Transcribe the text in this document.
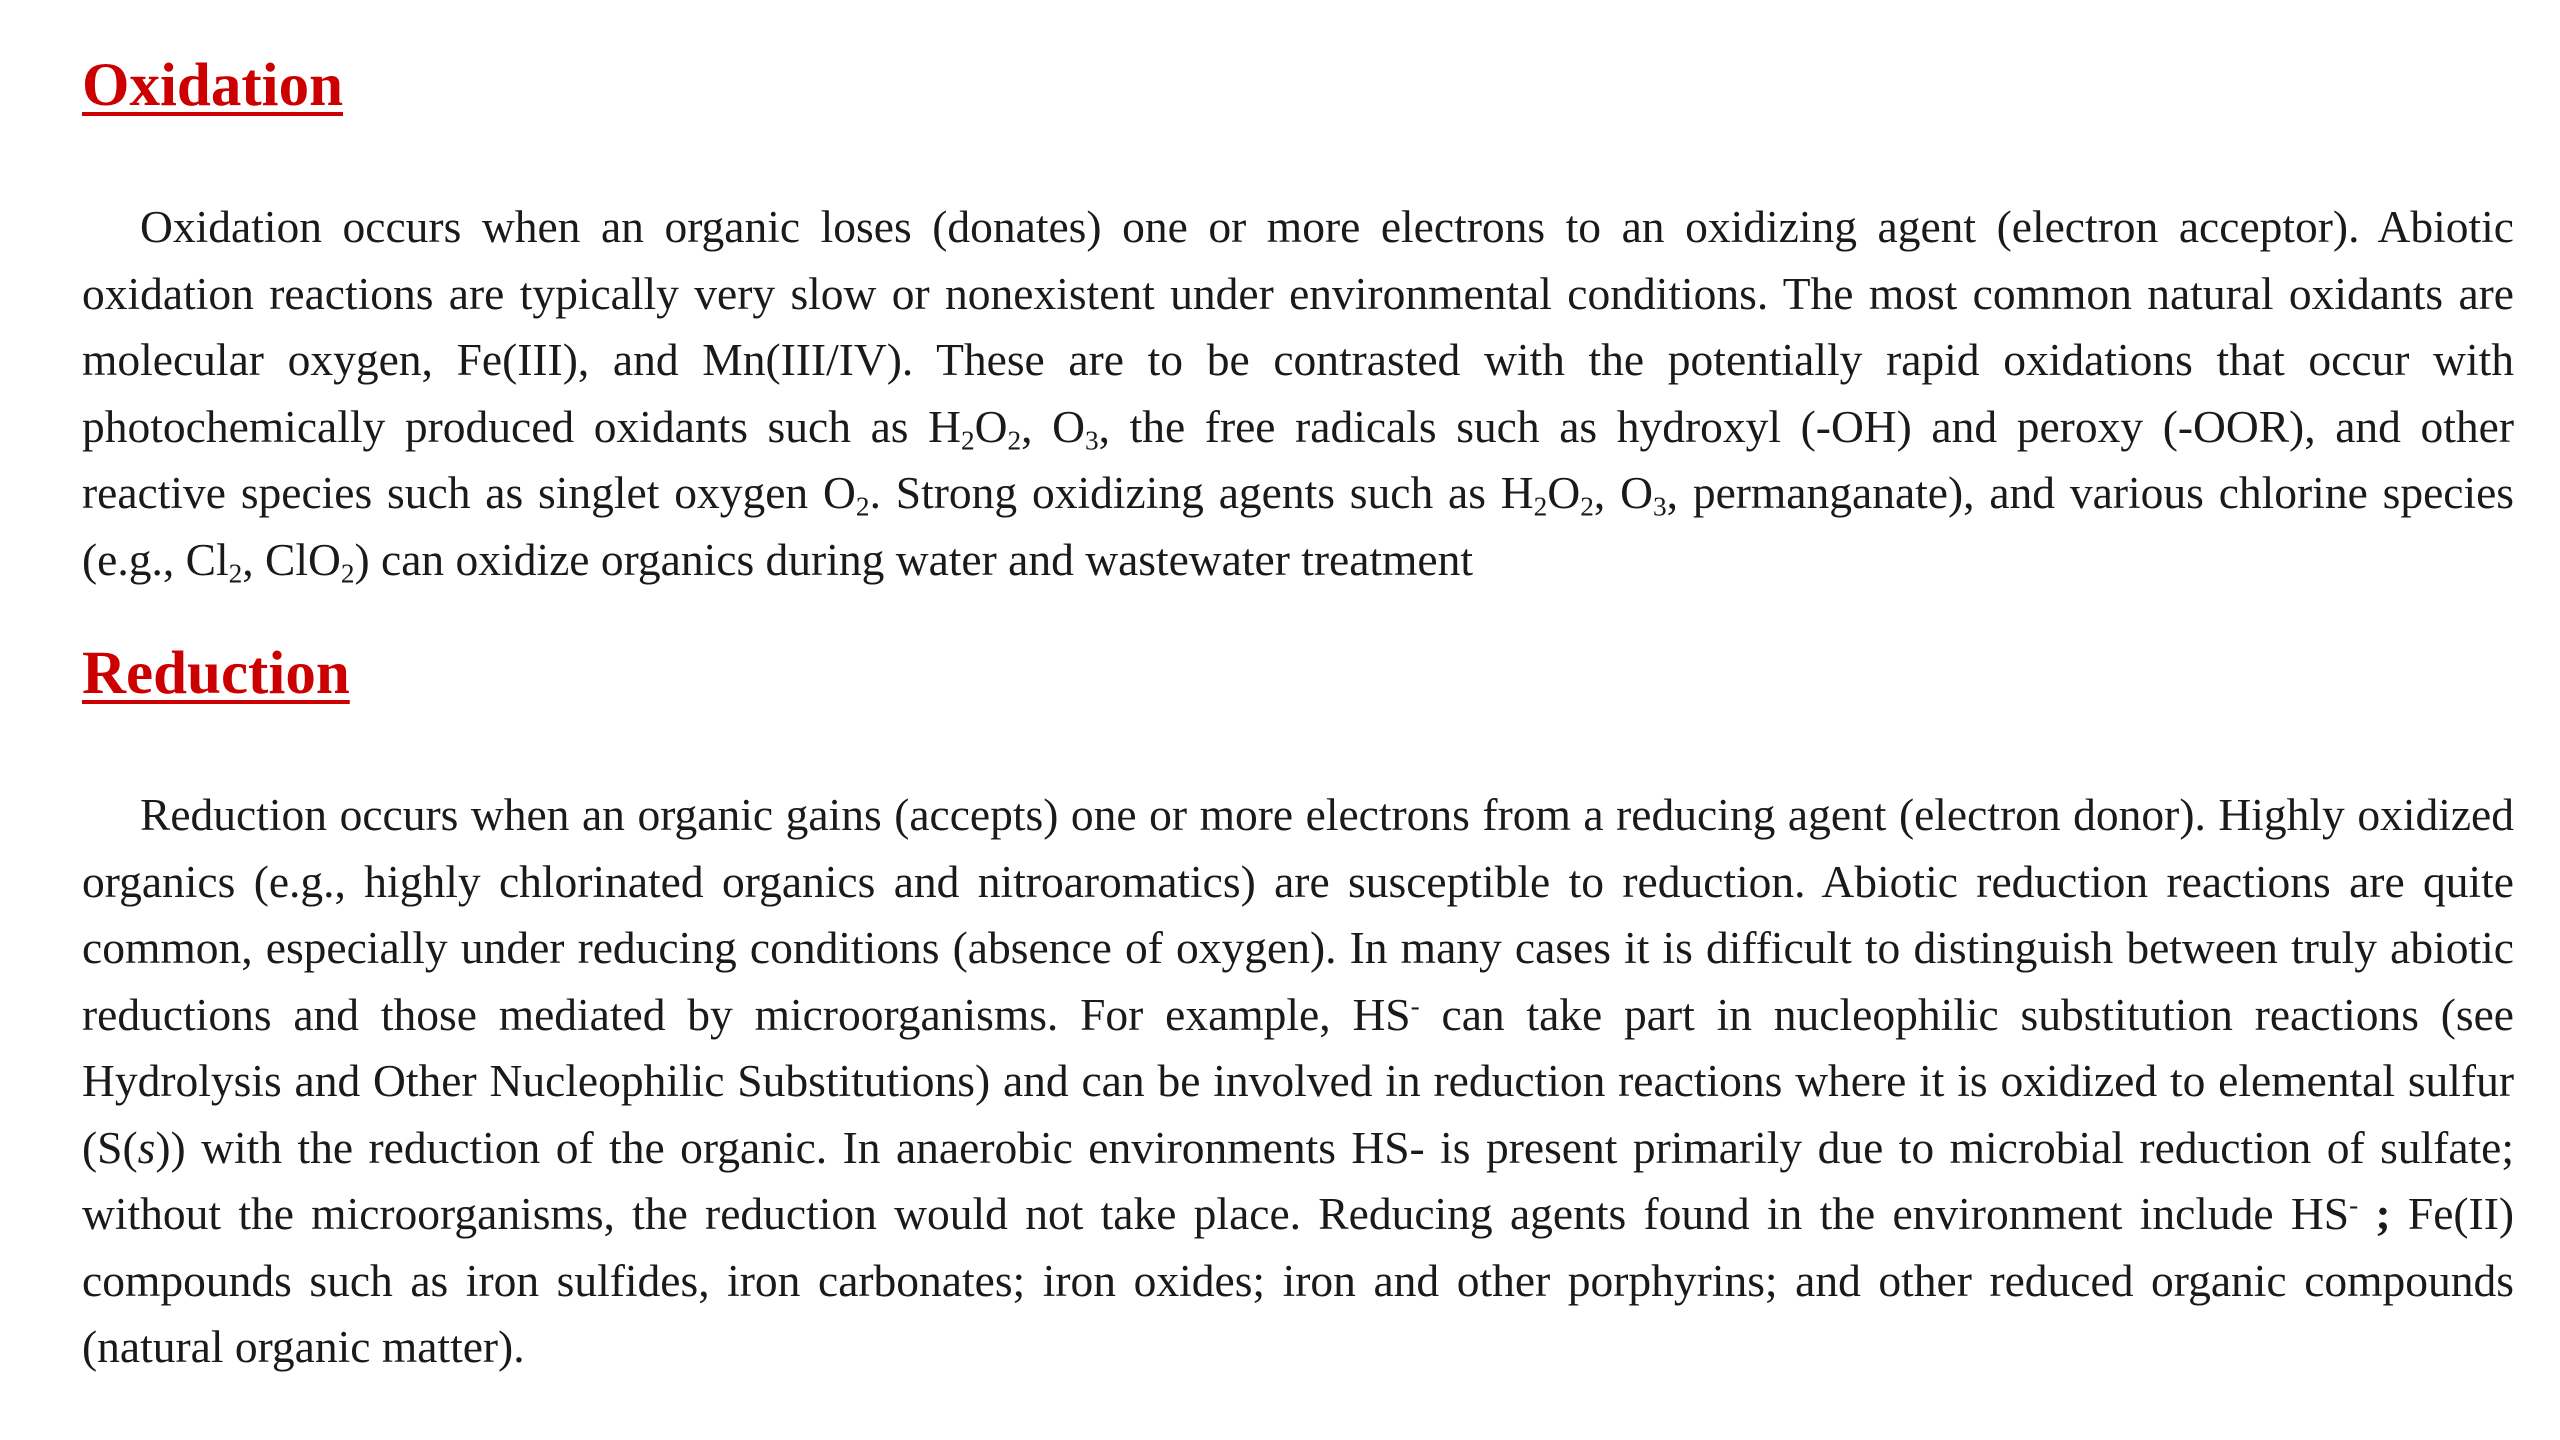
Oxidation

Oxidation occurs when an organic loses (donates) one or more electrons to an oxidizing agent (electron acceptor). Abiotic oxidation reactions are typically very slow or nonexistent under environmental conditions. The most common natural oxidants are molecular oxygen, Fe(III), and Mn(III/IV). These are to be contrasted with the potentially rapid oxidations that occur with photochemically produced oxidants such as $H_2O_2$, $O_3$, the free radicals such as hydroxyl (-OH) and peroxy (-OOR), and other reactive species such as singlet oxygen $O_2$. Strong oxidizing agents such as $H_2O_2$, $O_3$, permanganate), and various chlorine species (e.g., $Cl_2$, ClO$_2$) can oxidize organics during water and wastewater treatment

Reduction

Reduction occurs when an organic gains (accepts) one or more electrons from a reducing agent (electron donor). Highly oxidized organics (e.g., highly chlorinated organics and nitroaromatics) are susceptible to reduction. Abiotic reduction reactions are quite common, especially under reducing conditions (absence of oxygen). In many cases it is difficult to distinguish between truly abiotic reductions and those mediated by microorganisms. For example, HS- can take part in nucleophilic substitution reactions (see Hydrolysis and Other Nucleophilic Substitutions) and can be involved in reduction reactions where it is oxidized to elemental sulfur (S(s)) with the reduction of the organic. In anaerobic environments HS- is present primarily due to microbial reduction of sulfate; without the microorganisms, the reduction would not take place. Reducing agents found in the environment include HS- ; Fe(II) compounds such as iron sulfides, iron carbonates; iron oxides; iron and other porphyrins; and other reduced organic compounds (natural organic matter).
